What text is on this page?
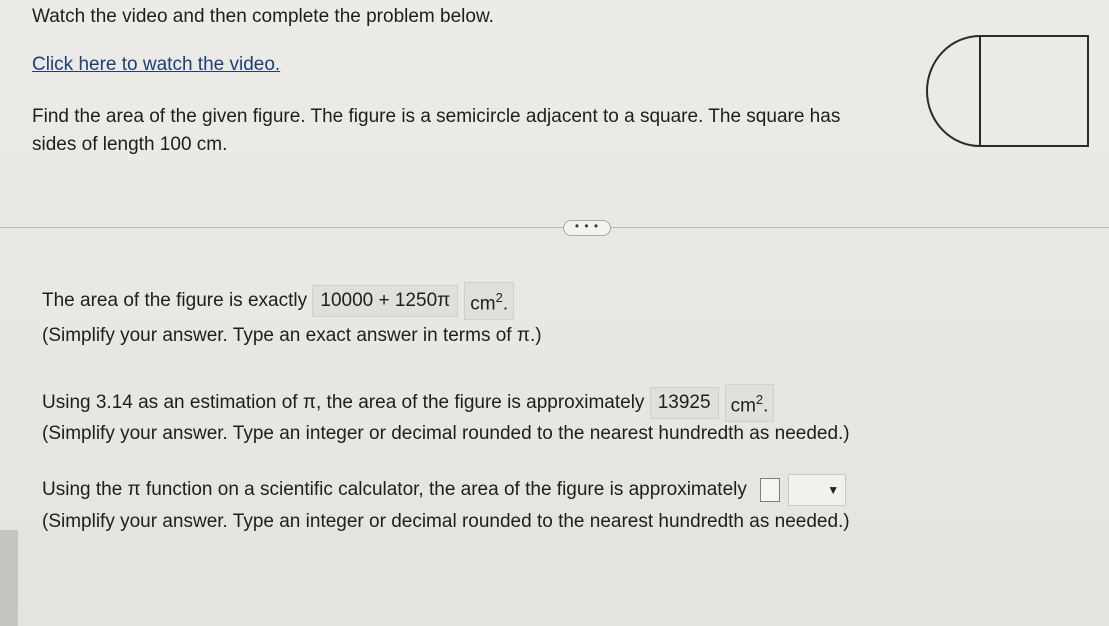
Watch the video and then complete the problem below.
Click here to watch the video.
Find the area of the given figure. The figure is a semicircle adjacent to a square. The square has sides of length 100 cm.
• • •
The area of the figure is exactly 10000 + 1250π $cm^2$.
(Simplify your answer. Type an exact answer in terms of π.)
Using 3.14 as an estimation of π, the area of the figure is approximately 13925 $cm^2$.
(Simplify your answer. Type an integer or decimal rounded to the nearest hundredth as needed.)
Using the π function on a scientific calculator, the area of the figure is approximately	▼
(Simplify your answer. Type an integer or decimal rounded to the nearest hundredth as needed.)
